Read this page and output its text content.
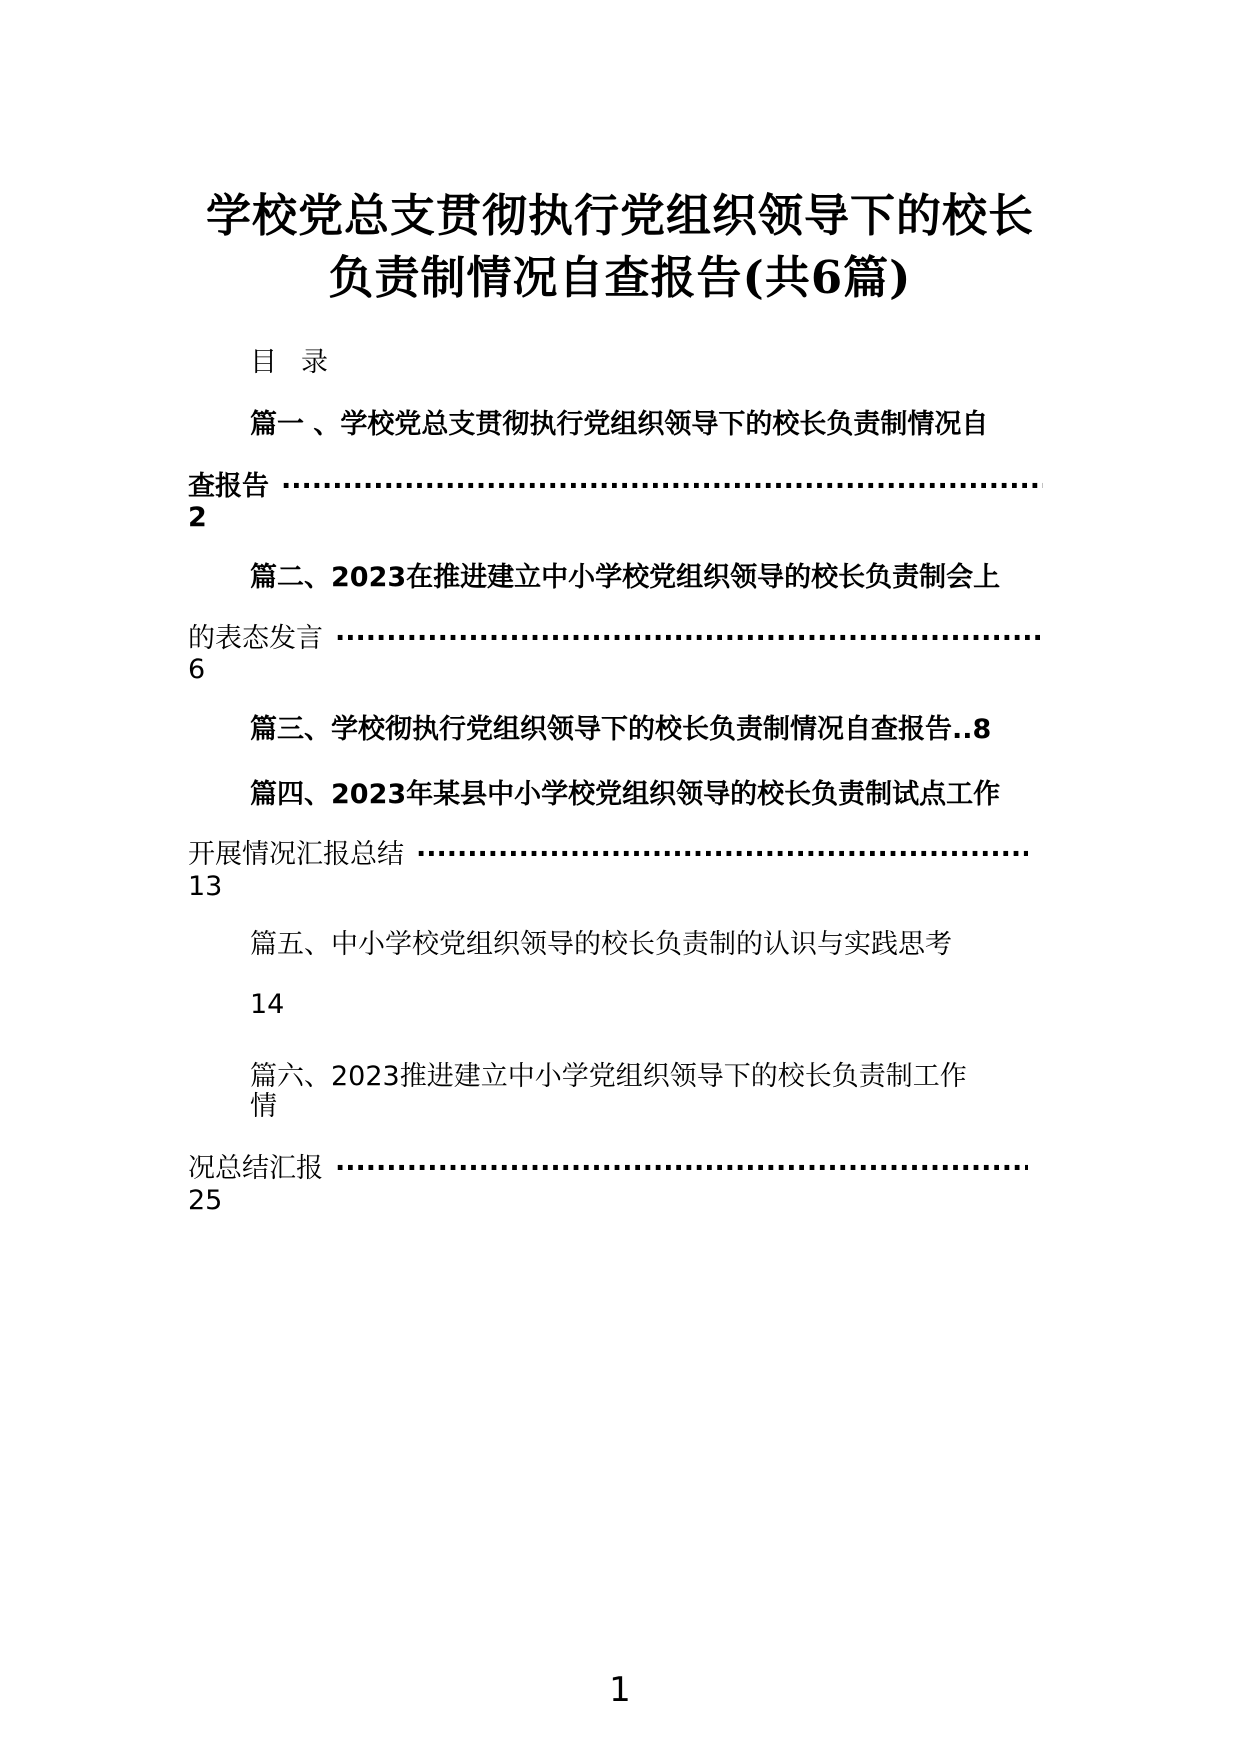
学校党总支贯彻执行党组织领导下的校长
负责制情况自查报告(共6篇)
目录
篇一 、学校党总支贯彻执行党组织领导下的校长负责制情况自
查报告
·····
2
篇二、2023在推进建立中小学校党组织领导的校长负责制会上
的表态发言
·····
6
篇三、学校彻执行党组织领导下的校长负责制情况自查报告..8
篇四、2023年某县中小学校党组织领导的校长负责制试点工作
开展情况汇报总结
·····
13
篇五、中小学校党组织领导的校长负责制的认识与实践思考
14
篇六、2023推进建立中小学党组织领导下的校长负责制工作
情
况总结汇报
·····
25
1
